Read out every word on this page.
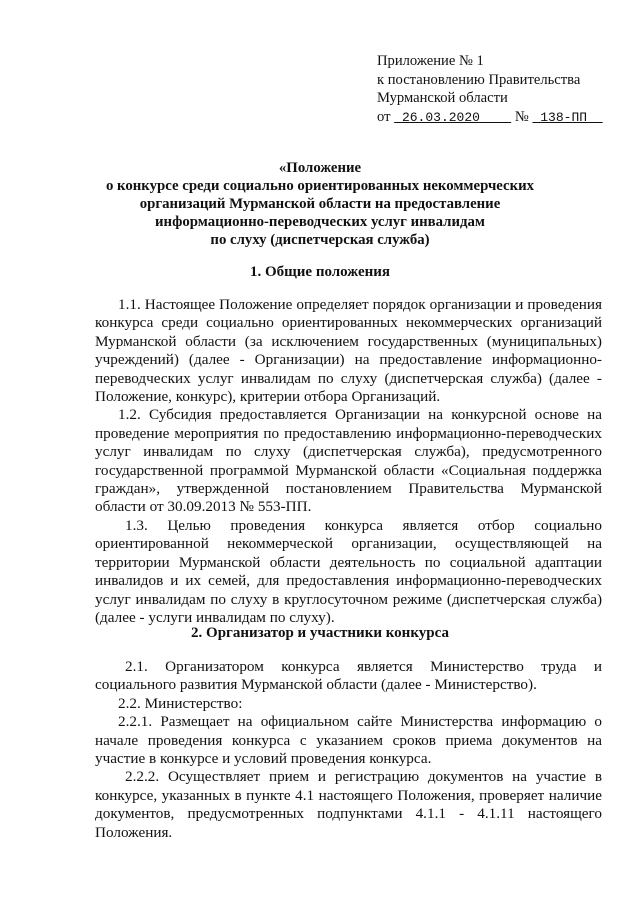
Приложение № 1
к постановлению Правительства
Мурманской области
от 26.03.2020 № 138-ПП
«Положение
о конкурсе среди социально ориентированных некоммерческих
организаций Мурманской области на предоставление
информационно-переводческих услуг инвалидам
по слуху (диспетчерская служба)
1. Общие положения

1.1. Настоящее Положение определяет порядок организации и проведения конкурса среди социально ориентированных некоммерческих организаций Мурманской области (за исключением государственных (муниципальных) учреждений) (далее - Организации) на предоставление информационно-переводческих услуг инвалидам по слуху (диспетчерская служба) (далее - Положение, конкурс), критерии отбора Организаций.

1.2. Субсидия предоставляется Организации на конкурсной основе на проведение мероприятия по предоставлению информационно-переводческих услуг инвалидам по слуху (диспетчерская служба), предусмотренного государственной программой Мурманской области «Социальная поддержка граждан», утвержденной постановлением Правительства Мурманской области от 30.09.2013 № 553-ПП.

1.3. Целью проведения конкурса является отбор социально ориентированной некоммерческой организации, осуществляющей на территории Мурманской области деятельность по социальной адаптации инвалидов и их семей, для предоставления информационно-переводческих услуг инвалидам по слуху в круглосуточном режиме (диспетчерская служба) (далее - услуги инвалидам по слуху).

2. Организатор и участники конкурса

2.1. Организатором конкурса является Министерство труда и социального развития Мурманской области (далее - Министерство).

2.2. Министерство:

2.2.1. Размещает на официальном сайте Министерства информацию о начале проведения конкурса с указанием сроков приема документов на участие в конкурсе и условий проведения конкурса.

2.2.2. Осуществляет прием и регистрацию документов на участие в конкурсе, указанных в пункте 4.1 настоящего Положения, проверяет наличие документов, предусмотренных подпунктами 4.1.1 - 4.1.11 настоящего Положения.
